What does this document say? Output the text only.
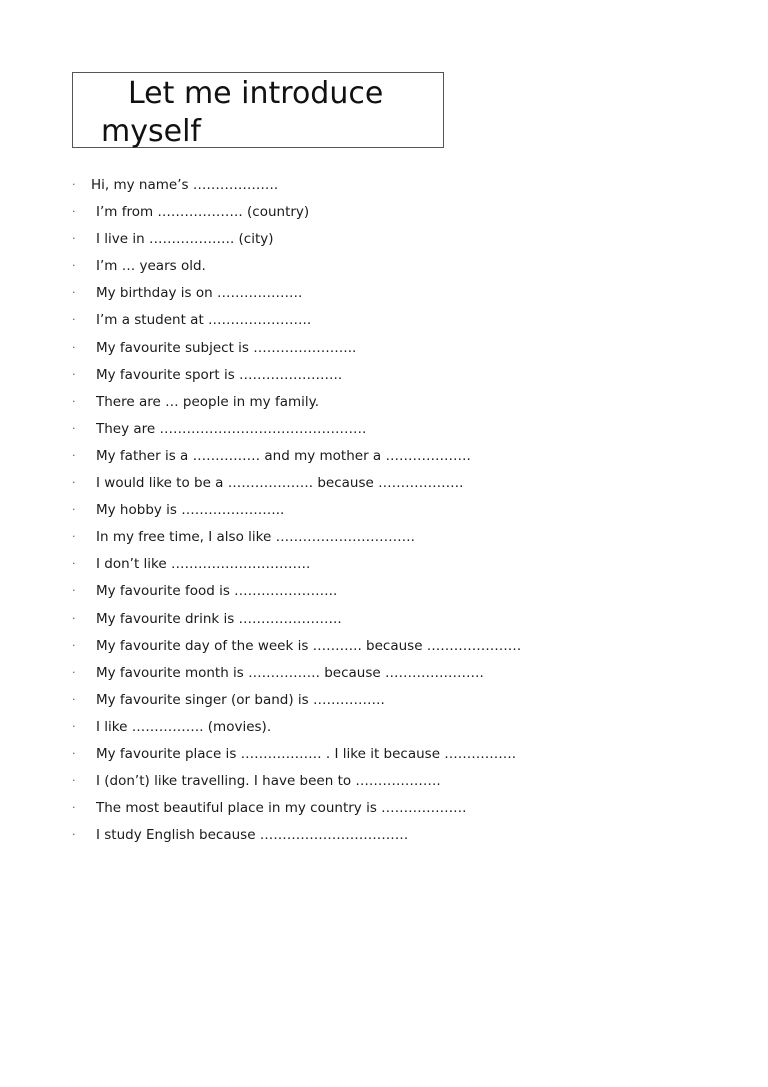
Let me introduce
myself
·	Hi, my name’s ……………….
·	I’m from ………………. (country)
·	I live in ………………. (city)
·	I’m … years old.
·	My birthday is on ……………….
·	I’m a student at …………………..
·	My favourite subject is …………………..
·	My favourite sport is …………………..
·	There are … people in my family.
·	They are ……………………………………….
·	My father is a …………… and my mother a ……………….
·	I would like to be a ………………. because ……………….
·	My hobby is …………………..
·	In my free time, I also like ………………………….
·	I don’t like ………………………….
·	My favourite food is …………………..
·	My favourite drink is …………………..
·	My favourite day of the week is ……….. because …………………
·	My favourite month is ……………. because ………………….
·	My favourite singer (or band) is …………….
·	I like ……………. (movies).
·	My favourite place is ……………… . I like it because …………….
·	I (don’t) like travelling. I have been to ……………….
·	The most beautiful place in my country is ……………….
·	I study English because ……………………………
